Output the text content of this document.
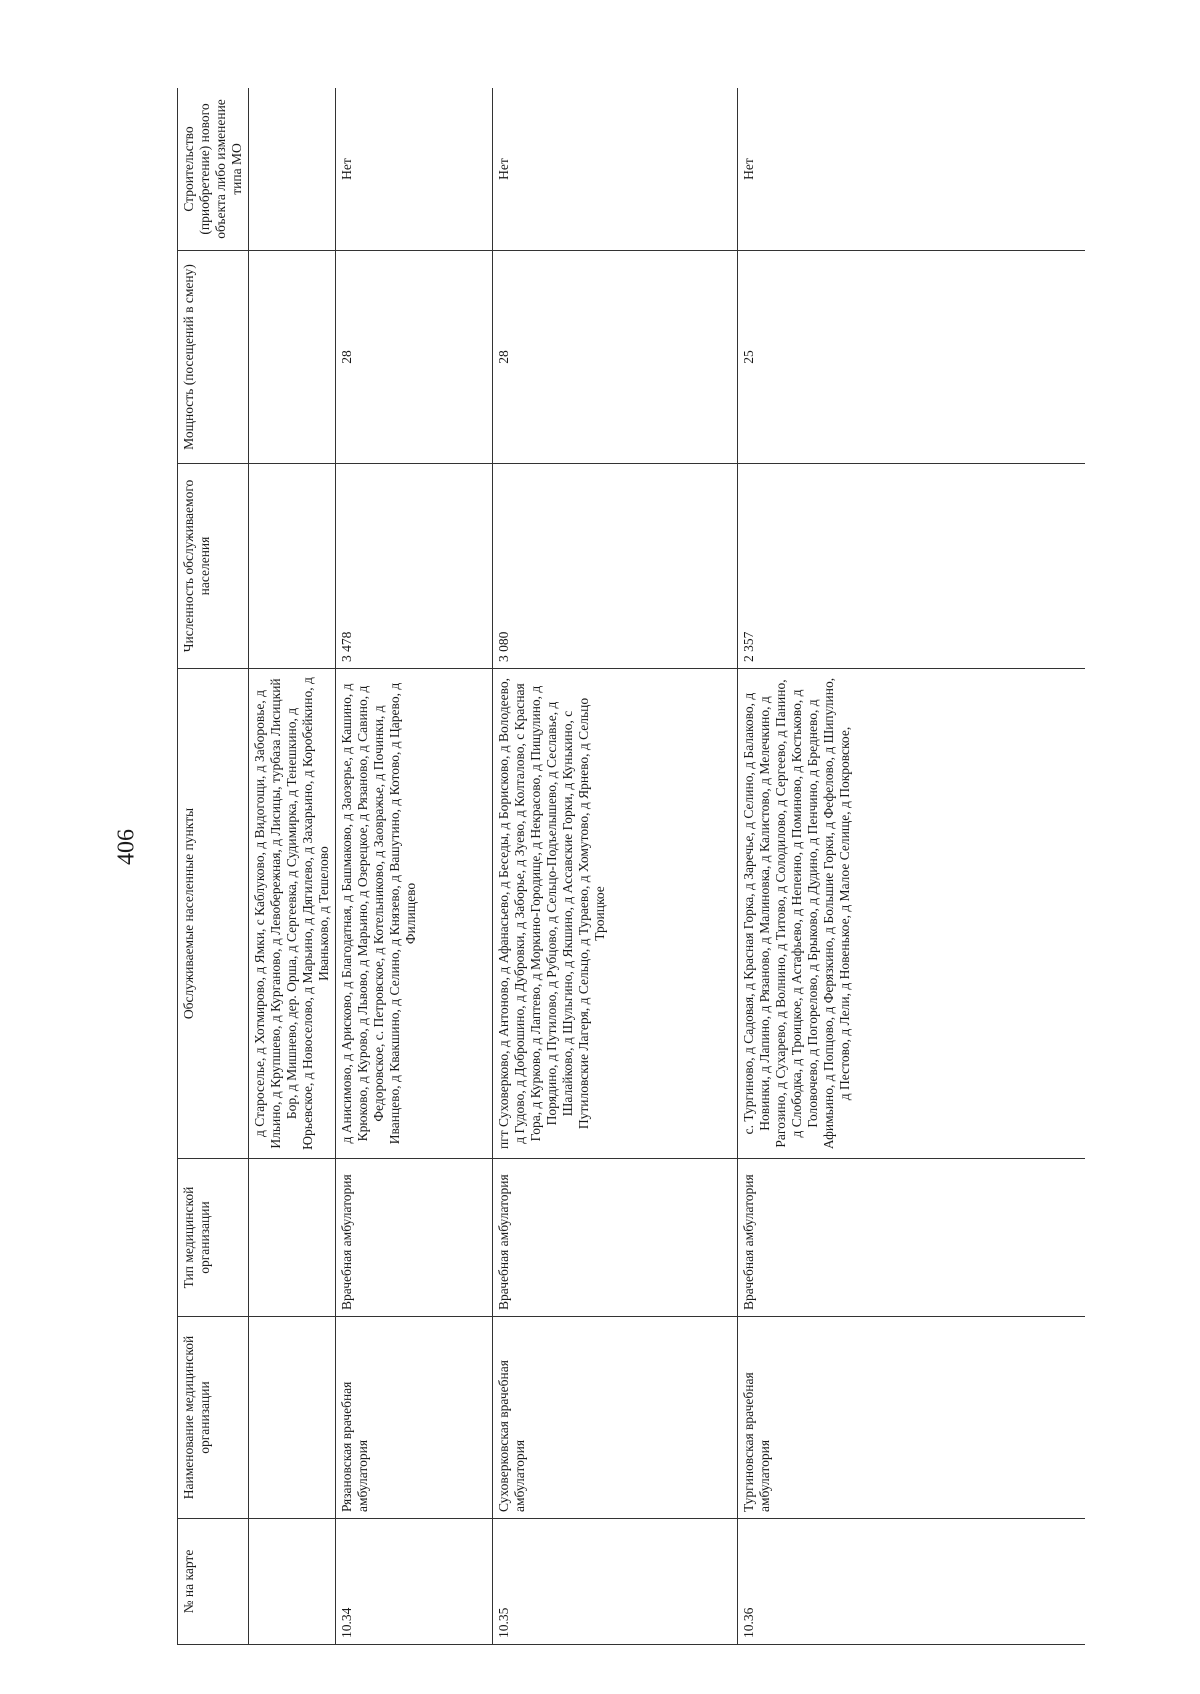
406
№ на карте	Наименование медицинской организации	Тип медицинской организации	Обслуживаемые населенные пункты	Численность обслуживаемого населения	Мощность (посещений в смену)	Строительство (приобретение) нового объекта либо изменение типа МО
			д Староселье, д Хотмирово, д Ямки, с Каблуково, д Видогощи, д Заборовье, д Ильино, д Крупшево, д Курганово, д Левобережная, д Лисицы, турбаза Лисицкий Бор, д Мишнево, дер. Орша, д Сергеевка, д Судимирка, д Тенешкино, д Юрьевское, д Новоселово, д Марьино, д Дягилево, д Захарьино, д Коробейкино, д Иваньково, д Тешелово			
10.34	Рязановская врачебная амбулатория	Врачебная амбулатория	д Анисимово, д Арисково, д Благодатная, д Башмаково, д Заозерье, д Кашино, д Крюково, д Курово, д Львово, д Марьино, д Озерецкое, д Рязаново, д Савино, д Федоровское, с. Петровское, д Котельниково, д Заовражье, д Починки, д Иванцево, д Квакшино, д Селино, д Князево, д Вашутино, д Котово, д Царево, д Филищево	3 478	28	Нет
10.35	Суховерковская врачебная амбулатория	Врачебная амбулатория	пгт Суховерково, д Антоново, д Афанасьево, д Беседы, д Борисково, д Володеево, д Гудово, д Доброшино, д Дубровки, д Заборье, д Зуево, д Колталово, с Красная Гора, д Курково, д Лаптево, д Моркино-Городище, д Некрасово, д Пищулино, д Порядино, д Путилово, д Рубцово, д Сельцо-Подъелышево, д Сеславье, д Шалайково, д Шульгино, д Якшино, д Ассавские Горки, д Кунькино, с Путиловские Лагеря, д Сельцо, д Тураево, д Хомутово, д Ярнево, д Сельцо Троицкое	3 080	28	Нет
10.36	Тургиновская врачебная амбулатория	Врачебная амбулатория	с. Тургиново, д Садовая, д Красная Горка, д Заречье, д Селино, д Балаково, д Новинки, д Лапино, д Рязаново, д Малиновка, д Калистово, д Мелечкино, д Рагозино, д Сухарево, д Волнино, д Титово, д Солодилово, д Сергеево, д Панино, д Слободка, д Троицкое, д Астафьево, д Непеино, д Поминово, д Костьково, д Головочево, д Погорелово, д Брыково, д Дудино, д Пенчино, д Бреднево, д Афимьино, д Попцово, д Ферязкино, д Большие Горки, д Фефелово, д Шипулино, д Пестово, д Лели, д Новенькое, д Малое Селище, д Покровское,	2 357	25	Нет
